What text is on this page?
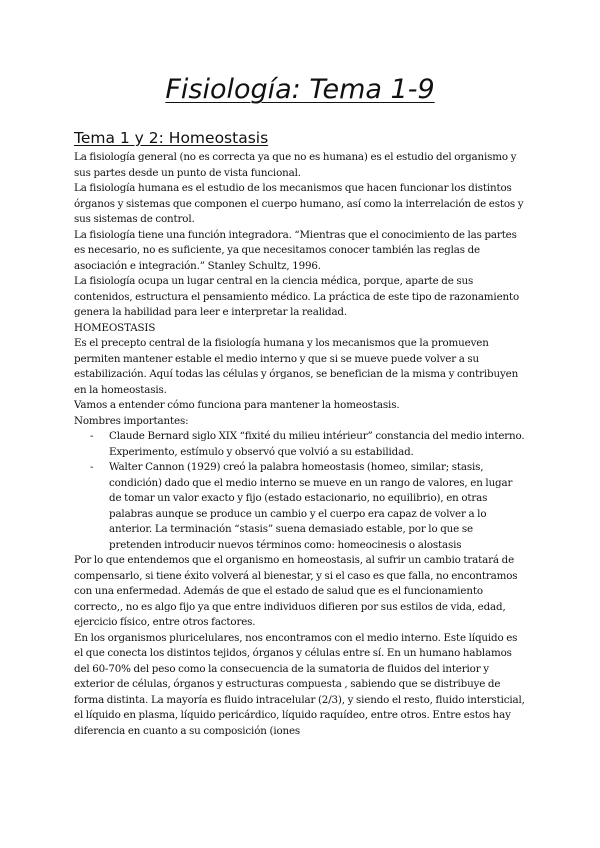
Fisiología: Tema 1-9
Tema 1 y 2: Homeostasis

La fisiología general (no es correcta ya que no es humana) es el estudio del organismo y sus partes desde un punto de vista funcional.

La fisiología humana es el estudio de los mecanismos que hacen funcionar los distintos órganos y sistemas que componen el cuerpo humano, así como la interrelación de estos y sus sistemas de control.

La fisiología tiene una función integradora. “Mientras que el conocimiento de las partes es necesario, no es suficiente, ya que necesitamos conocer también las reglas de asociación e integración.” Stanley Schultz, 1996.

La fisiología ocupa un lugar central en la ciencia médica, porque, aparte de sus contenidos, estructura el pensamiento médico. La práctica de este tipo de razonamiento genera la habilidad para leer e interpretar la realidad.

HOMEOSTASIS

Es el precepto central de la fisiología humana y los mecanismos que la promueven permiten mantener estable el medio interno y que si se mueve puede volver a su estabilización. Aquí todas las células y órganos, se benefician de la misma y contribuyen en la homeostasis.

Vamos a entender cómo funciona para mantener la homeostasis.

Nombres importantes:

- Claude Bernard siglo XIX “fixité du milieu intérieur” constancia del medio interno. Experimento, estímulo y observó que volvió a su estabilidad.
- Walter Cannon (1929) creó la palabra homeostasis (homeo, similar; stasis, condición) dado que el medio interno se mueve en un rango de valores, en lugar de tomar un valor exacto y fijo (estado estacionario, no equilibrio), en otras palabras aunque se produce un cambio y el cuerpo era capaz de volver a lo anterior. La terminación “stasis” suena demasiado estable, por lo que se pretenden introducir nuevos términos como: homeocinesis o alostasis

Por lo que entendemos que el organismo en homeostasis, al sufrir un cambio tratará de compensarlo, si tiene éxito volverá al bienestar, y si el caso es que falla, no encontramos con una enfermedad. Además de que el estado de salud que es el funcionamiento correcto,, no es algo fijo ya que entre individuos difieren por sus estilos de vida, edad, ejercicio físico, entre otros factores.

En los organismos pluricelulares, nos encontramos con el medio interno. Este líquido es el que conecta los distintos tejidos, órganos y células entre sí. En un humano hablamos del 60-70% del peso como la consecuencia de la sumatoria de fluidos del interior y exterior de células, órganos y estructuras compuesta , sabiendo que se distribuye de forma distinta. La mayoría es fluido intracelular (2/3), y siendo el resto, fluido intersticial, el líquido en plasma, líquido pericárdico, líquido raquídeo, entre otros. Entre estos hay diferencia en cuanto a su composición (iones
